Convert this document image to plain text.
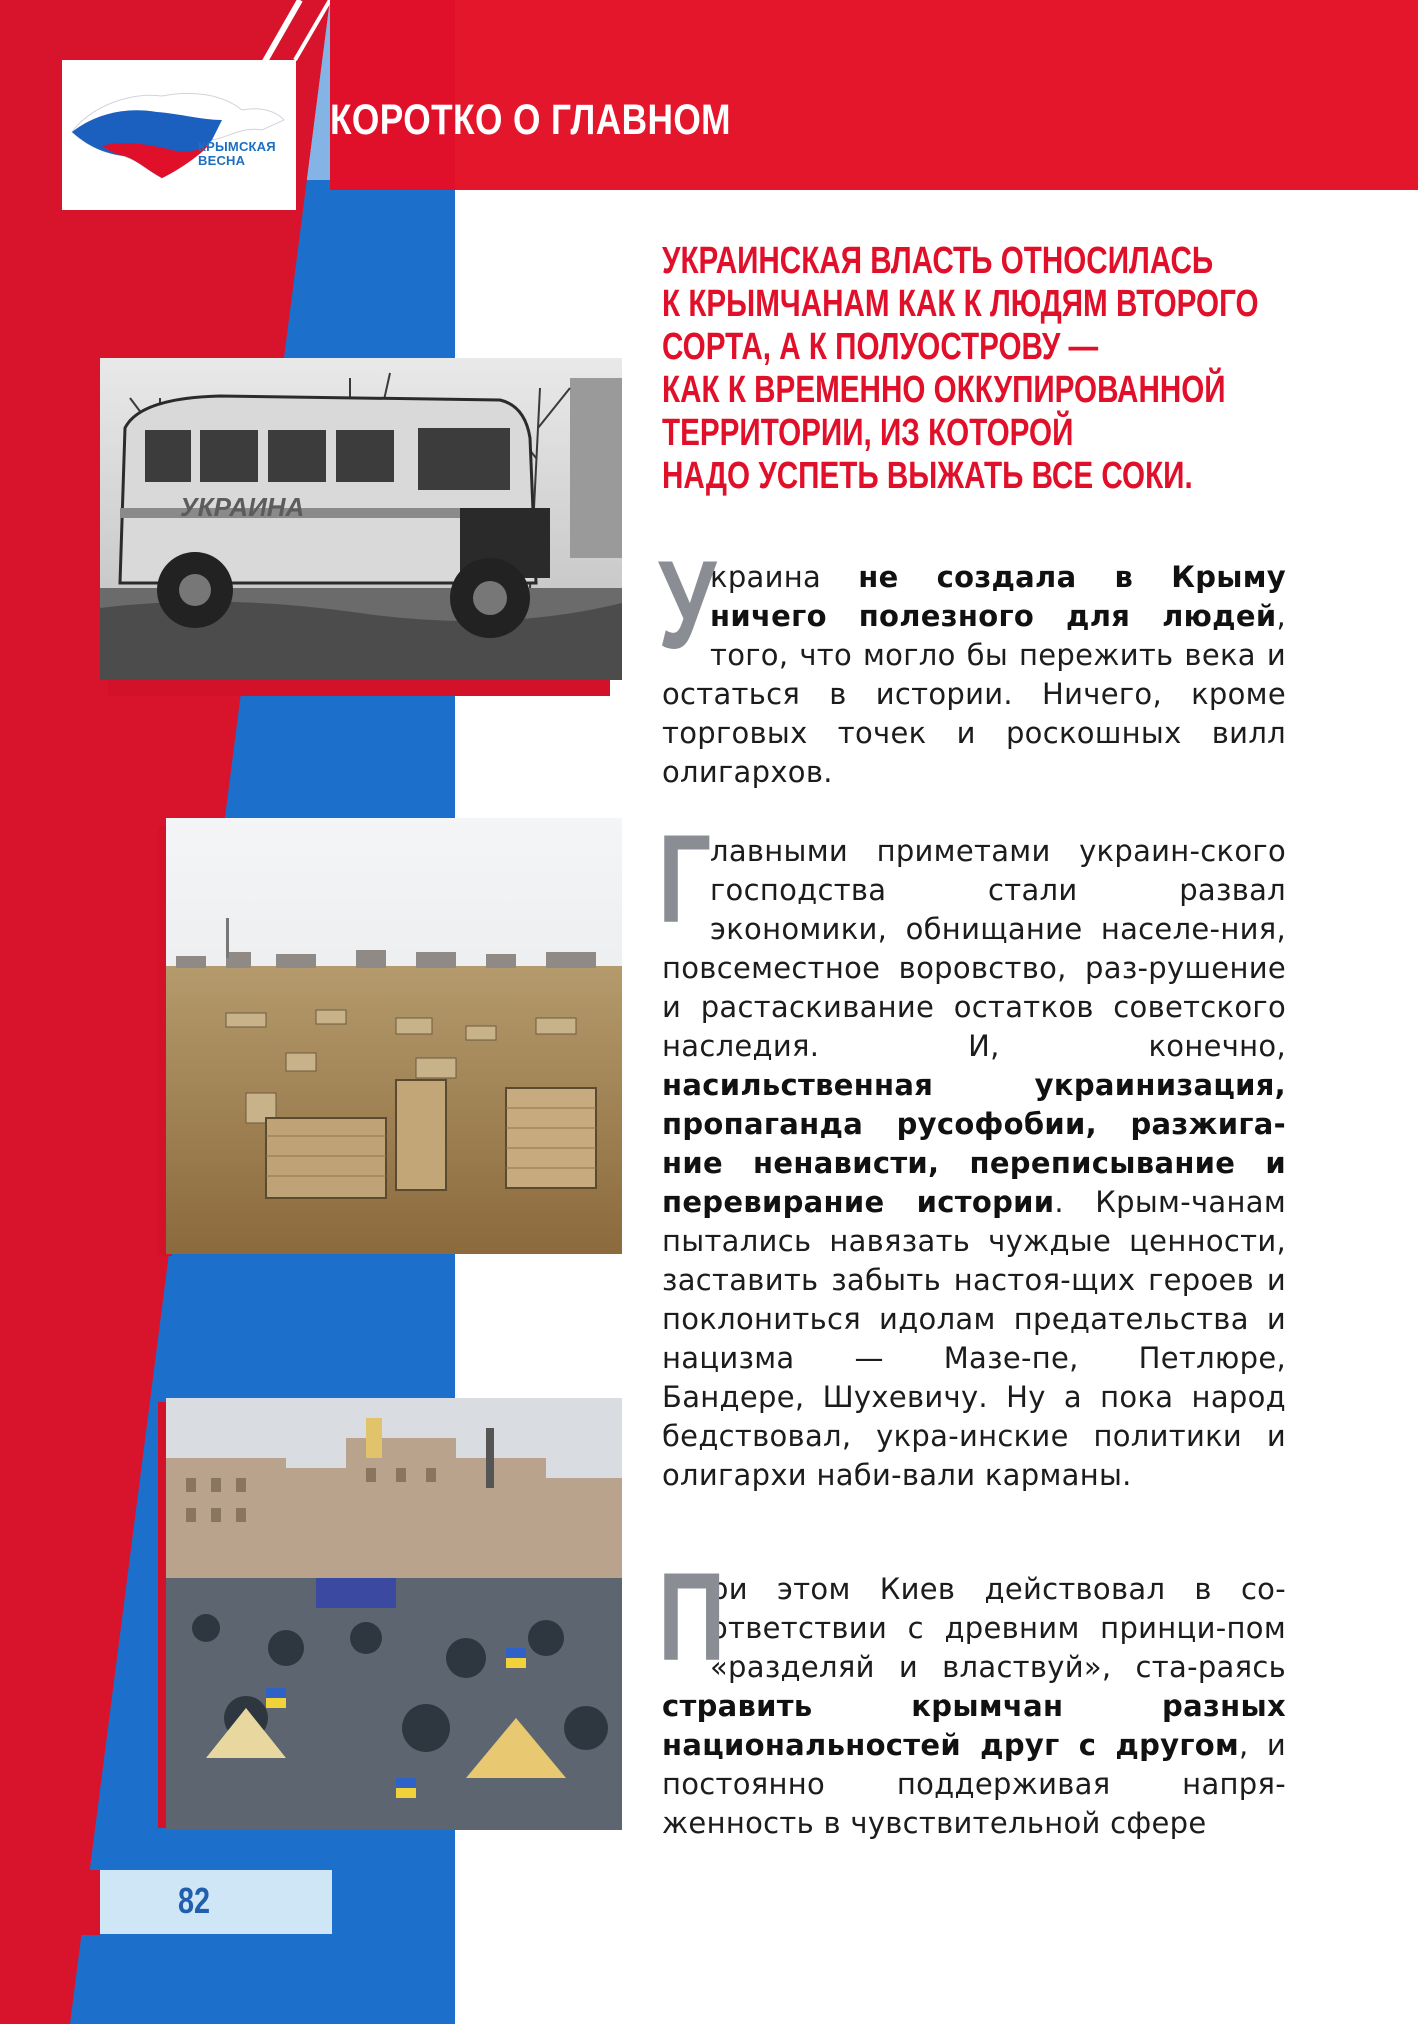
КРЫМСКАЯ
ВЕСНА
КОРОТКО О ГЛАВНОМ
УКРАИНСКАЯ ВЛАСТЬ ОТНОСИЛАСЬ
К КРЫМЧАНАМ КАК К ЛЮДЯМ ВТОРОГО
СОРТА, А К ПОЛУОСТРОВУ —
КАК К ВРЕМЕННО ОККУПИРОВАННОЙ
ТЕРРИТОРИИ, ИЗ КОТОРОЙ
НАДО УСПЕТЬ ВЫЖАТЬ ВСЕ СОКИ.
УКРАИНА
У
краина не создала в Крыму ничего полезного для людей, того, что могло бы пережить века и остаться в истории. Ничего, кроме торговых точек и роскошных вилл олигархов.
Г
лавными приметами украин-ского господства стали развал экономики, обнищание населе-ния, повсеместное воровство, раз-рушение и растаскивание остатков советского наследия. И, конечно, насильственная украинизация, пропаганда русофобии, разжига-ние ненависти, переписывание и перевирание истории. Крым-чанам пытались навязать чуждые ценности, заставить забыть настоя-щих героев и поклониться идолам предательства и нацизма — Мазе-пе, Петлюре, Бандере, Шухевичу. Ну а пока народ бедствовал, укра-инские политики и олигархи наби-вали карманы.
П
ри этом Киев действовал в со-ответствии с древним принци-пом «разделяй и властвуй», ста-раясь стравить крымчан разных национальностей друг с другом, и постоянно поддерживая напря-женность в чувствительной сфере
82
